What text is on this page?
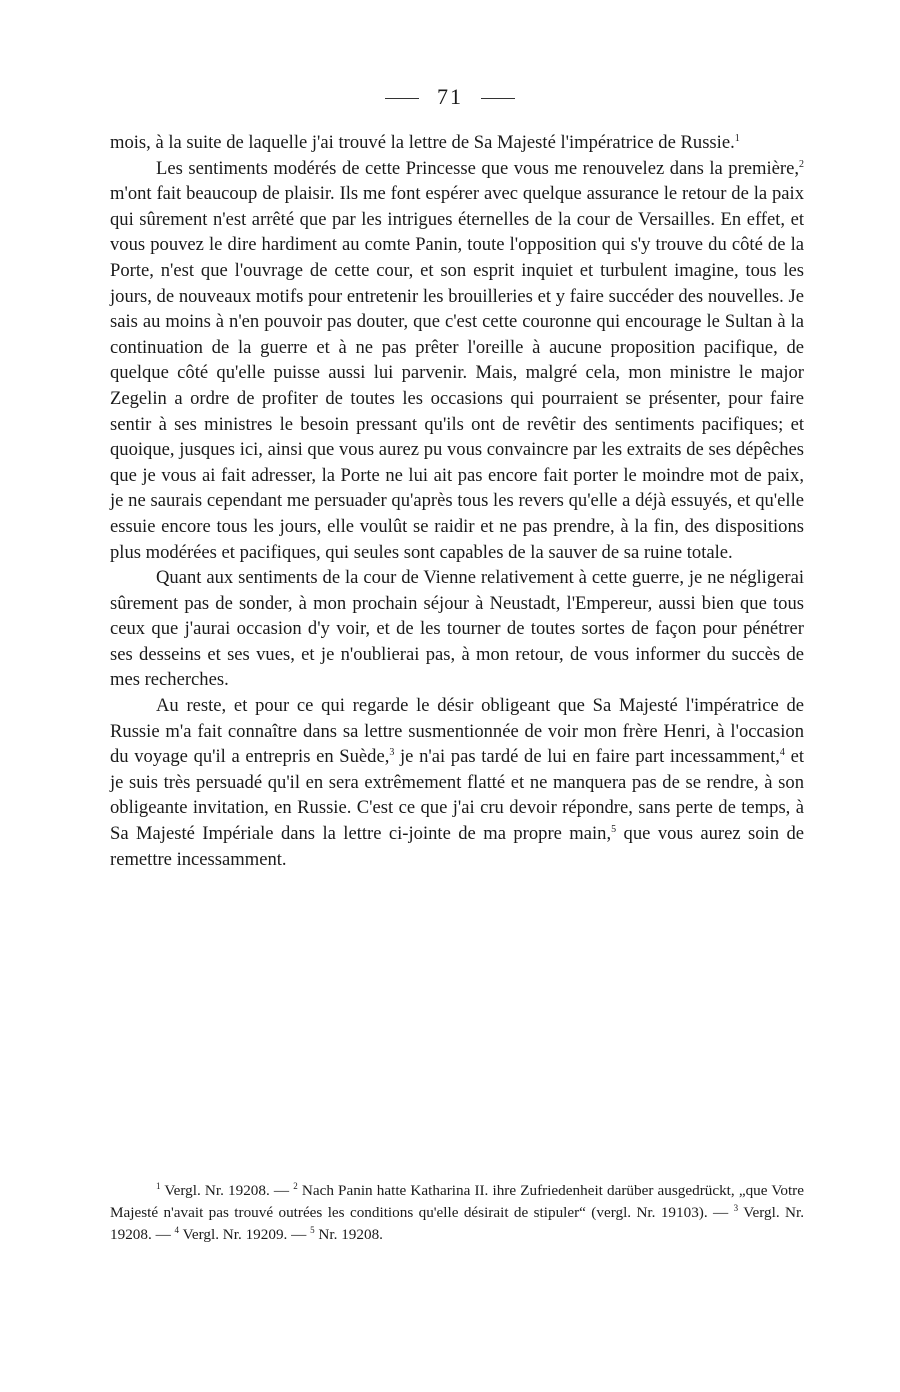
71

mois, à la suite de laquelle j'ai trouvé la lettre de Sa Majesté l'impératrice de Russie.$^1$

Les sentiments modérés de cette Princesse que vous me renouvelez dans la première,$^2$ m'ont fait beaucoup de plaisir. Ils me font espérer avec quelque assurance le retour de la paix qui sûrement n'est arrêté que par les intrigues éternelles de la cour de Versailles. En effet, et vous pouvez le dire hardiment au comte Panin, toute l'opposition qui s'y trouve du côté de la Porte, n'est que l'ouvrage de cette cour, et son esprit inquiet et turbulent imagine, tous les jours, de nouveaux motifs pour entretenir les brouilleries et y faire succéder des nouvelles. Je sais au moins à n'en pouvoir pas douter, que c'est cette couronne qui encourage le Sultan à la continuation de la guerre et à ne pas prêter l'oreille à aucune proposition pacifique, de quelque côté qu'elle puisse aussi lui parvenir. Mais, malgré cela, mon ministre le major Zegelin a ordre de profiter de toutes les occasions qui pourraient se présenter, pour faire sentir à ses ministres le besoin pressant qu'ils ont de revêtir des sentiments pacifiques; et quoique, jusques ici, ainsi que vous aurez pu vous convaincre par les extraits de ses dépêches que je vous ai fait adresser, la Porte ne lui ait pas encore fait porter le moindre mot de paix, je ne saurais cependant me persuader qu'après tous les revers qu'elle a déjà essuyés, et qu'elle essuie encore tous les jours, elle voulût se raidir et ne pas prendre, à la fin, des dispositions plus modérées et pacifiques, qui seules sont capables de la sauver de sa ruine totale.

Quant aux sentiments de la cour de Vienne relativement à cette guerre, je ne négligerai sûrement pas de sonder, à mon prochain séjour à Neustadt, l'Empereur, aussi bien que tous ceux que j'aurai occasion d'y voir, et de les tourner de toutes sortes de façon pour pénétrer ses desseins et ses vues, et je n'oublierai pas, à mon retour, de vous informer du succès de mes recherches.

Au reste, et pour ce qui regarde le désir obligeant que Sa Majesté l'impératrice de Russie m'a fait connaître dans sa lettre susmentionnée de voir mon frère Henri, à l'occasion du voyage qu'il a entrepris en Suède,$^3$ je n'ai pas tardé de lui en faire part incessamment,$^4$ et je suis très persuadé qu'il en sera extrêmement flatté et ne manquera pas de se rendre, à son obligeante invitation, en Russie. C'est ce que j'ai cru devoir répondre, sans perte de temps, à Sa Majesté Impériale dans la lettre ci-jointe de ma propre main,$^5$ que vous aurez soin de remettre incessamment.

$^1$ Vergl. Nr. 19208. — $^2$ Nach Panin hatte Katharina II. ihre Zufriedenheit darüber ausgedrückt, „que Votre Majesté n'avait pas trouvé outrées les conditions qu'elle désirait de stipuler“ (vergl. Nr. 19103). — $^3$ Vergl. Nr. 19208. — $^4$ Vergl. Nr. 19209. — $^5$ Nr. 19208.
